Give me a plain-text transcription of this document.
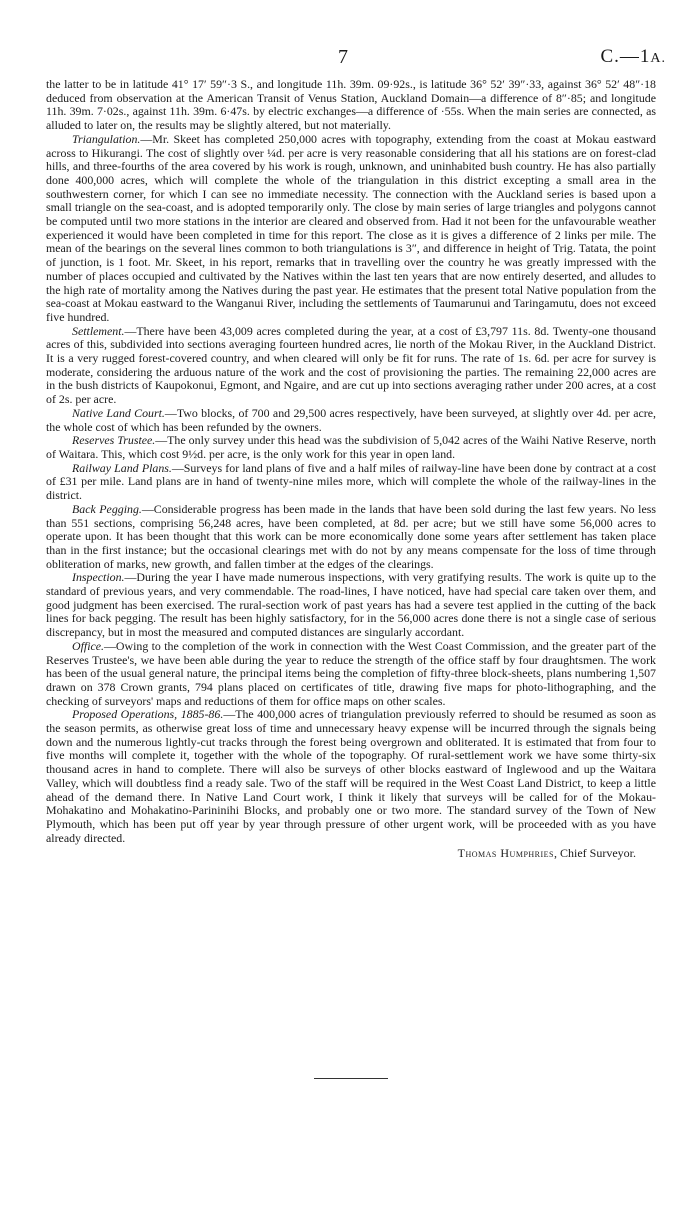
7	C.—1A.

the latter to be in latitude 41° 17′ 59″·3 S., and longitude 11h. 39m. 09·92s., is latitude 36° 52′ 39″·33, against 36° 52′ 48″·18 deduced from observation at the American Transit of Venus Station, Auckland Domain—a difference of 8″·85; and longitude 11h. 39m. 7·02s., against 11h. 39m. 6·47s. by electric exchanges—a difference of ·55s. When the main series are connected, as alluded to later on, the results may be slightly altered, but not materially.

Triangulation.—Mr. Skeet has completed 250,000 acres with topography, extending from the coast at Mokau eastward across to Hikurangi. The cost of slightly over ¼d. per acre is very reasonable considering that all his stations are on forest-clad hills, and three-fourths of the area covered by his work is rough, unknown, and uninhabited bush country. He has also partially done 400,000 acres, which will complete the whole of the triangulation in this district excepting a small area in the southwestern corner, for which I can see no immediate necessity. The connection with the Auckland series is based upon a small triangle on the sea-coast, and is adopted temporarily only. The close by main series of large triangles and polygons cannot be computed until two more stations in the interior are cleared and observed from. Had it not been for the unfavourable weather experienced it would have been completed in time for this report. The close as it is gives a difference of 2 links per mile. The mean of the bearings on the several lines common to both triangulations is 3″, and difference in height of Trig. Tatata, the point of junction, is 1 foot. Mr. Skeet, in his report, remarks that in travelling over the country he was greatly impressed with the number of places occupied and cultivated by the Natives within the last ten years that are now entirely deserted, and alludes to the high rate of mortality among the Natives during the past year. He estimates that the present total Native population from the sea-coast at Mokau eastward to the Wanganui River, including the settlements of Taumarunui and Taringamutu, does not exceed five hundred.

Settlement.—There have been 43,009 acres completed during the year, at a cost of £3,797 11s. 8d. Twenty-one thousand acres of this, subdivided into sections averaging fourteen hundred acres, lie north of the Mokau River, in the Auckland District. It is a very rugged forest-covered country, and when cleared will only be fit for runs. The rate of 1s. 6d. per acre for survey is moderate, considering the arduous nature of the work and the cost of provisioning the parties. The remaining 22,000 acres are in the bush districts of Kaupokonui, Egmont, and Ngaire, and are cut up into sections averaging rather under 200 acres, at a cost of 2s. per acre.

Native Land Court.—Two blocks, of 700 and 29,500 acres respectively, have been surveyed, at slightly over 4d. per acre, the whole cost of which has been refunded by the owners.

Reserves Trustee.—The only survey under this head was the subdivision of 5,042 acres of the Waihi Native Reserve, north of Waitara. This, which cost 9½d. per acre, is the only work for this year in open land.

Railway Land Plans.—Surveys for land plans of five and a half miles of railway-line have been done by contract at a cost of £31 per mile. Land plans are in hand of twenty-nine miles more, which will complete the whole of the railway-lines in the district.

Back Pegging.—Considerable progress has been made in the lands that have been sold during the last few years. No less than 551 sections, comprising 56,248 acres, have been completed, at 8d. per acre; but we still have some 56,000 acres to operate upon. It has been thought that this work can be more economically done some years after settlement has taken place than in the first instance; but the occasional clearings met with do not by any means compensate for the loss of time through obliteration of marks, new growth, and fallen timber at the edges of the clearings.

Inspection.—During the year I have made numerous inspections, with very gratifying results. The work is quite up to the standard of previous years, and very commendable. The road-lines, I have noticed, have had special care taken over them, and good judgment has been exercised. The rural-section work of past years has had a severe test applied in the cutting of the back lines for back pegging. The result has been highly satisfactory, for in the 56,000 acres done there is not a single case of serious discrepancy, but in most the measured and computed distances are singularly accordant.

Office.—Owing to the completion of the work in connection with the West Coast Commission, and the greater part of the Reserves Trustee's, we have been able during the year to reduce the strength of the office staff by four draughtsmen. The work has been of the usual general nature, the principal items being the completion of fifty-three block-sheets, plans numbering 1,507 drawn on 378 Crown grants, 794 plans placed on certificates of title, drawing five maps for photo-lithographing, and the checking of surveyors' maps and reductions of them for office maps on other scales.

Proposed Operations, 1885-86.—The 400,000 acres of triangulation previously referred to should be resumed as soon as the season permits, as otherwise great loss of time and unnecessary heavy expense will be incurred through the signals being down and the numerous lightly-cut tracks through the forest being overgrown and obliterated. It is estimated that from four to five months will complete it, together with the whole of the topography. Of rural-settlement work we have some thirty-six thousand acres in hand to complete. There will also be surveys of other blocks eastward of Inglewood and up the Waitara Valley, which will doubtless find a ready sale. Two of the staff will be required in the West Coast Land District, to keep a little ahead of the demand there. In Native Land Court work, I think it likely that surveys will be called for of the Mokau-Mohakatino and Mohakatino-Parininihi Blocks, and probably one or two more. The standard survey of the Town of New Plymouth, which has been put off year by year through pressure of other urgent work, will be proceeded with as you have already directed.

Thomas Humphries, Chief Surveyor.
